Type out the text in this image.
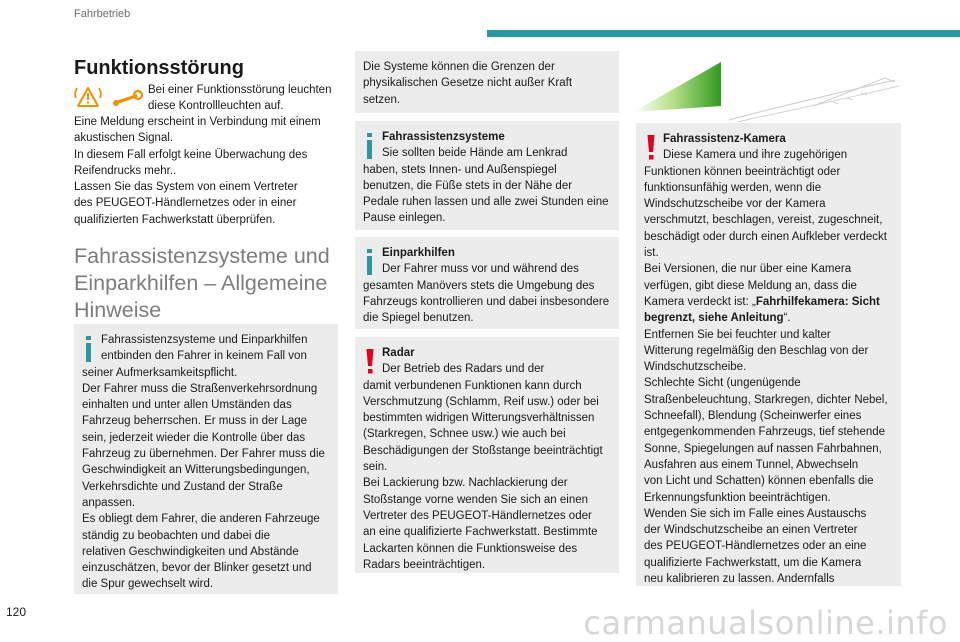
Fahrbetrieb
Funktionsstörung
Bei einer Funktionsstörung leuchten
diese Kontrollleuchten auf.
Eine Meldung erscheint in Verbindung mit einem
akustischen Signal.
In diesem Fall erfolgt keine Überwachung des
Reifendrucks mehr..
Lassen Sie das System von einem Vertreter
des PEUGEOT-Händlernetzes oder in einer
qualifizierten Fachwerkstatt überprüfen.
Fahrassistenzsysteme und
Einparkhilfen – Allgemeine
Hinweise
Fahrassistenzsysteme und Einparkhilfen
entbinden den Fahrer in keinem Fall von
seiner Aufmerksamkeitspflicht.
Der Fahrer muss die Straßenverkehrsordnung
einhalten und unter allen Umständen das
Fahrzeug beherrschen. Er muss in der Lage
sein, jederzeit wieder die Kontrolle über das
Fahrzeug zu übernehmen. Der Fahrer muss die
Geschwindigkeit an Witterungsbedingungen,
Verkehrsdichte und Zustand der Straße
anpassen.
Es obliegt dem Fahrer, die anderen Fahrzeuge
ständig zu beobachten und dabei die
relativen Geschwindigkeiten und Abstände
einzuschätzen, bevor der Blinker gesetzt und
die Spur gewechselt wird.
Die Systeme können die Grenzen der
physikalischen Gesetze nicht außer Kraft
setzen.
Fahrassistenzsysteme
Sie sollten beide Hände am Lenkrad
haben, stets Innen- und Außenspiegel
benutzen, die Füße stets in der Nähe der
Pedale ruhen lassen und alle zwei Stunden eine
Pause einlegen.
Einparkhilfen
Der Fahrer muss vor und während des
gesamten Manövers stets die Umgebung des
Fahrzeugs kontrollieren und dabei insbesondere
die Spiegel benutzen.
Radar
Der Betrieb des Radars und der
damit verbundenen Funktionen kann durch
Verschmutzung (Schlamm, Reif usw.) oder bei
bestimmten widrigen Witterungsverhältnissen
(Starkregen, Schnee usw.) wie auch bei
Beschädigungen der Stoßstange beeinträchtigt
sein.
Bei Lackierung bzw. Nachlackierung der
Stoßstange vorne wenden Sie sich an einen
Vertreter des PEUGEOT-Händlernetzes oder
an eine qualifizierte Fachwerkstatt. Bestimmte
Lackarten können die Funktionsweise des
Radars beeinträchtigen.
Fahrassistenz-Kamera
Diese Kamera und ihre zugehörigen
Funktionen können beeinträchtigt oder
funktionsunfähig werden, wenn die
Windschutzscheibe vor der Kamera
verschmutzt, beschlagen, vereist, zugeschneit,
beschädigt oder durch einen Aufkleber verdeckt
ist.
Bei Versionen, die nur über eine Kamera
verfügen, gibt diese Meldung an, dass die
Kamera verdeckt ist: „Fahrhilfekamera: Sicht
begrenzt, siehe Anleitung“.
Entfernen Sie bei feuchter und kalter
Witterung regelmäßig den Beschlag von der
Windschutzscheibe.
Schlechte Sicht (ungenügende
Straßenbeleuchtung, Starkregen, dichter Nebel,
Schneefall), Blendung (Scheinwerfer eines
entgegenkommenden Fahrzeugs, tief stehende
Sonne, Spiegelungen auf nassen Fahrbahnen,
Ausfahren aus einem Tunnel, Abwechseln
von Licht und Schatten) können ebenfalls die
Erkennungsfunktion beeinträchtigen.
Wenden Sie sich im Falle eines Austauschs
der Windschutzscheibe an einen Vertreter
des PEUGEOT-Händlernetzes oder an eine
qualifizierte Fachwerkstatt, um die Kamera
neu kalibrieren zu lassen. Andernfalls
120	carmanualsonline.info
